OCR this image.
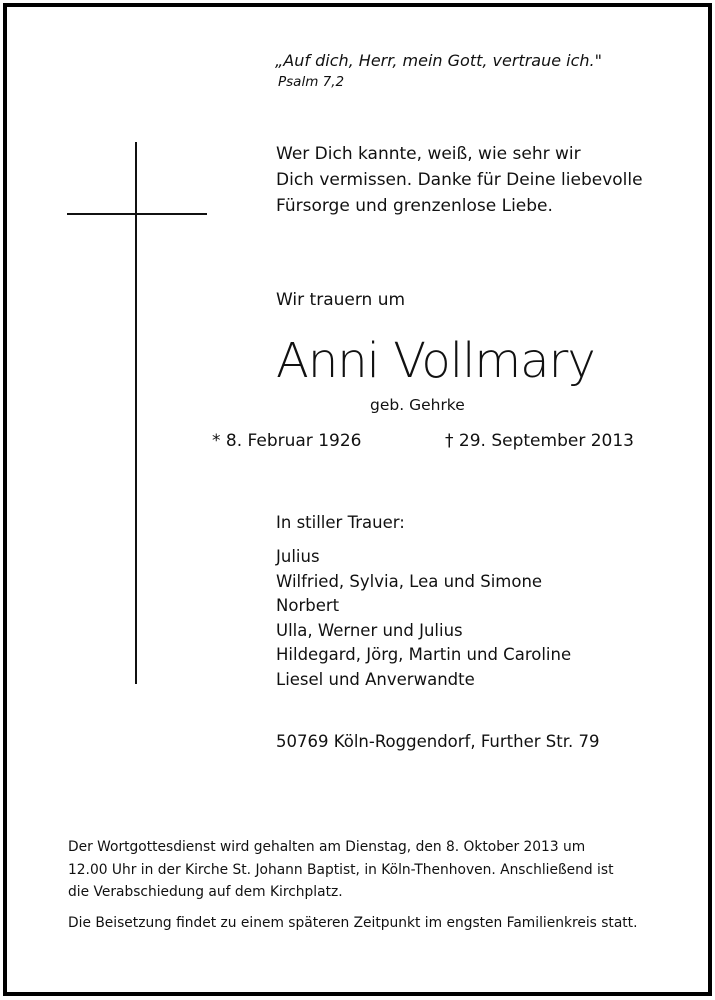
„Auf dich, Herr, mein Gott, vertraue ich."
Psalm 7,2
Wer Dich kannte, weiß, wie sehr wir
Dich vermissen. Danke für Deine liebevolle
Fürsorge und grenzenlose Liebe.
Wir trauern um
Anni Vollmary
geb. Gehrke
* 8. Februar 1926	† 29. September 2013
In stiller Trauer:
Julius
Wilfried, Sylvia, Lea und Simone
Norbert
Ulla, Werner und Julius
Hildegard, Jörg, Martin und Caroline
Liesel und Anverwandte
50769 Köln-Roggendorf, Further Str. 79
Der Wortgottesdienst wird gehalten am Dienstag, den 8. Oktober 2013 um
12.00 Uhr in der Kirche St. Johann Baptist, in Köln-Thenhoven. Anschließend ist
die Verabschiedung auf dem Kirchplatz.
Die Beisetzung findet zu einem späteren Zeitpunkt im engsten Familienkreis statt.
